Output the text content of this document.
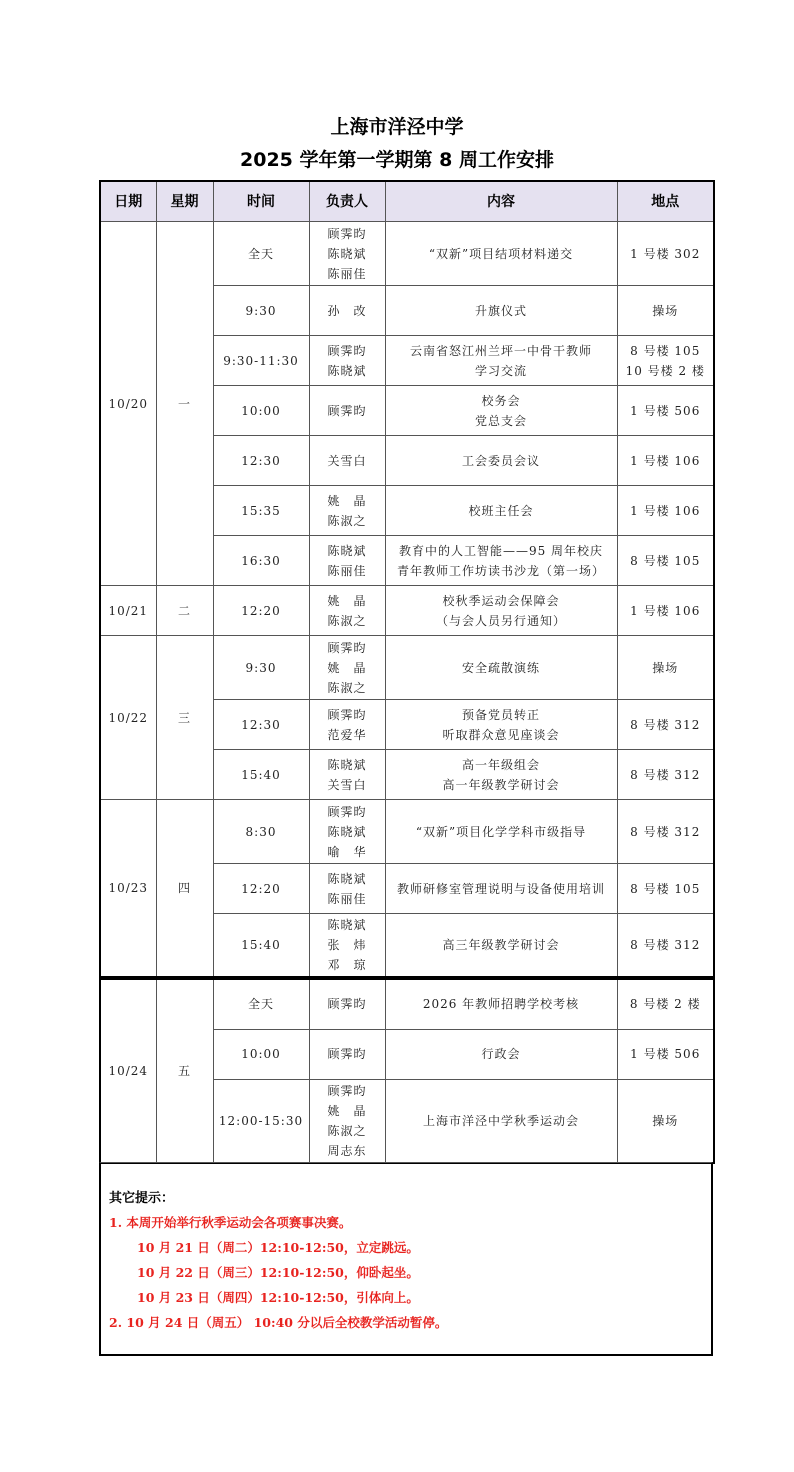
上海市洋泾中学
2025 学年第一学期第 8 周工作安排
日期	星期	时间	负责人	内容	地点
10/20	一	全天	顾霁昀
陈晓斌
陈丽佳	“双新”项目结项材料递交	1 号楼 302

		9:30	孙　改	升旗仪式	操场

		9:30-11:30	顾霁昀
陈晓斌	云南省怒江州兰坪一中骨干教师
学习交流	8 号楼 105
10 号楼 2 楼

		10:00	顾霁昀	校务会
党总支会	1 号楼 506

		12:30	关雪白	工会委员会议	1 号楼 106

		15:35	姚　晶
陈淑之	校班主任会	1 号楼 106

		16:30	陈晓斌
陈丽佳	教育中的人工智能——95 周年校庆
青年教师工作坊读书沙龙（第一场）	8 号楼 105

10/21	二	12:20	姚　晶
陈淑之	校秋季运动会保障会
（与会人员另行通知）	1 号楼 106

10/22	三	9:30	顾霁昀
姚　晶
陈淑之	安全疏散演练	操场

		12:30	顾霁昀
范爱华	预备党员转正
听取群众意见座谈会	8 号楼 312

		15:40	陈晓斌
关雪白	高一年级组会
高一年级教学研讨会	8 号楼 312

10/23	四	8:30	顾霁昀
陈晓斌
喻　华	“双新”项目化学学科市级指导	8 号楼 312

		12:20	陈晓斌
陈丽佳	教师研修室管理说明与设备使用培训	8 号楼 105

		15:40	陈晓斌
张　炜
邓　琼	高三年级教学研讨会	8 号楼 312
10/24	五	全天	顾霁昀	2026 年教师招聘学校考核	8 号楼 2 楼

		10:00	顾霁昀	行政会	1 号楼 506

		12:00-15:30	顾霁昀
姚　晶
陈淑之
周志东	上海市洋泾中学秋季运动会	操场
其它提示：
1. 本周开始举行秋季运动会各项赛事决赛。
10 月 21 日（周二）12:10-12:50，立定跳远。
10 月 22 日（周三）12:10-12:50，仰卧起坐。
10 月 23 日（周四）12:10-12:50，引体向上。
2. 10 月 24 日（周五） 10:40 分以后全校教学活动暂停。
